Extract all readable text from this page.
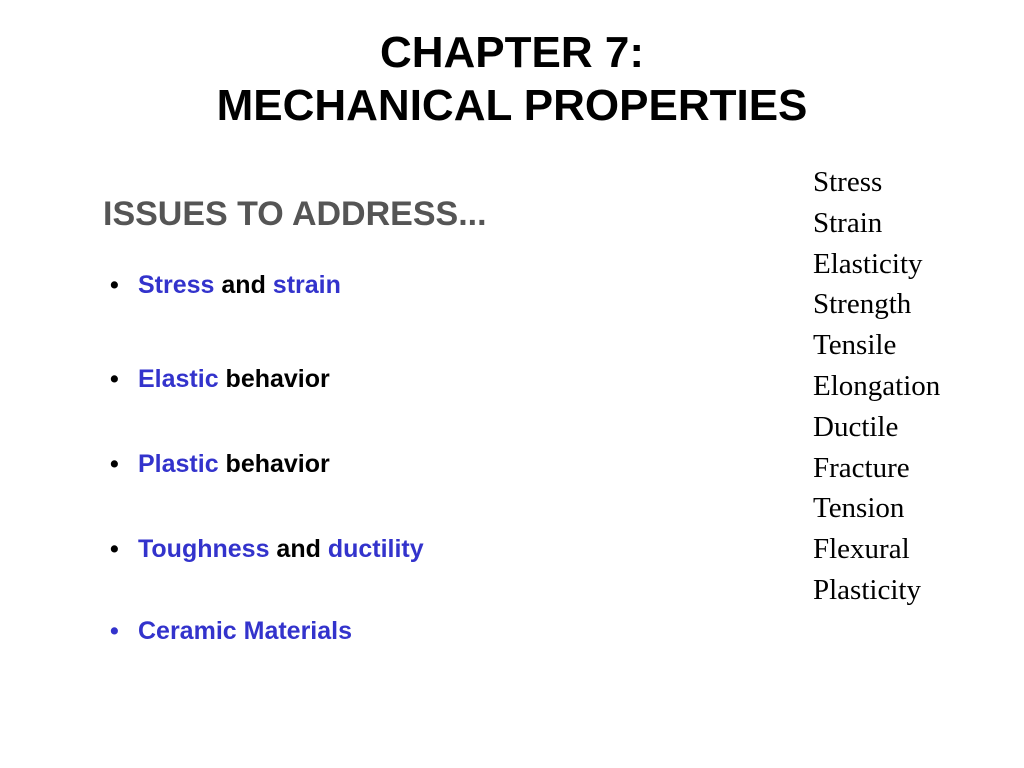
CHAPTER 7:
MECHANICAL PROPERTIES
ISSUES TO ADDRESS...
• Stress and strain
• Elastic behavior
• Plastic behavior
• Toughness and ductility
• Ceramic Materials
Stress
Strain
Elasticity
Strength
Tensile
Elongation
Ductile
Fracture
Tension
Flexural
Plasticity
